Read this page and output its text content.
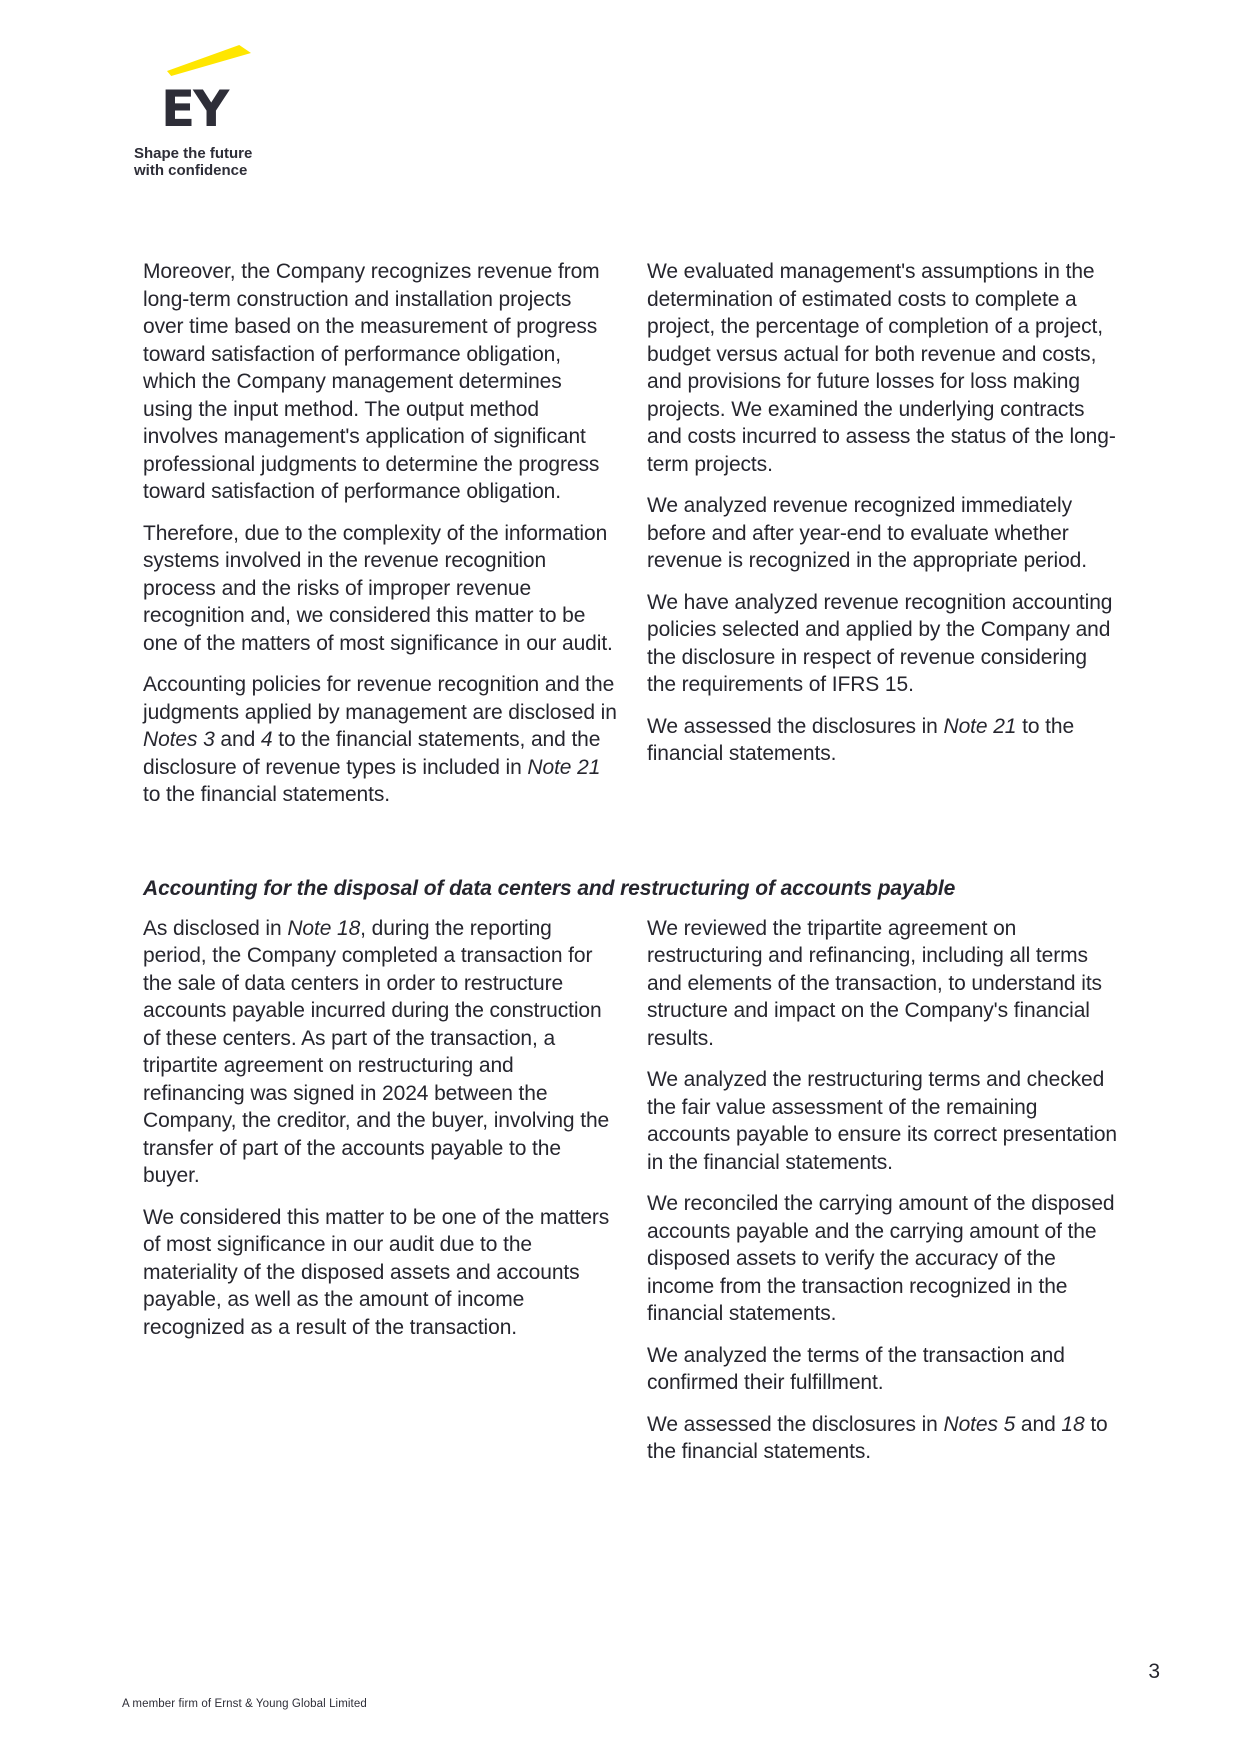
EY
Shape the future
with confidence

Moreover, the Company recognizes revenue from long-term construction and installation projects over time based on the measurement of progress toward satisfaction of performance obligation, which the Company management determines using the input method. The output method involves management's application of significant professional judgments to determine the progress toward satisfaction of performance obligation.

Therefore, due to the complexity of the information systems involved in the revenue recognition process and the risks of improper revenue recognition and, we considered this matter to be one of the matters of most significance in our audit.

Accounting policies for revenue recognition and the judgments applied by management are disclosed in Notes 3 and 4 to the financial statements, and the disclosure of revenue types is included in Note 21 to the financial statements.

We evaluated management's assumptions in the determination of estimated costs to complete a project, the percentage of completion of a project, budget versus actual for both revenue and costs, and provisions for future losses for loss making projects. We examined the underlying contracts and costs incurred to assess the status of the long-term projects.

We analyzed revenue recognized immediately before and after year-end to evaluate whether revenue is recognized in the appropriate period.

We have analyzed revenue recognition accounting policies selected and applied by the Company and the disclosure in respect of revenue considering the requirements of IFRS 15.

We assessed the disclosures in Note 21 to the financial statements.

Accounting for the disposal of data centers and restructuring of accounts payable

As disclosed in Note 18, during the reporting period, the Company completed a transaction for the sale of data centers in order to restructure accounts payable incurred during the construction of these centers. As part of the transaction, a tripartite agreement on restructuring and refinancing was signed in 2024 between the Company, the creditor, and the buyer, involving the transfer of part of the accounts payable to the buyer.

We considered this matter to be one of the matters of most significance in our audit due to the materiality of the disposed assets and accounts payable, as well as the amount of income recognized as a result of the transaction.

We reviewed the tripartite agreement on restructuring and refinancing, including all terms and elements of the transaction, to understand its structure and impact on the Company's financial results.

We analyzed the restructuring terms and checked the fair value assessment of the remaining accounts payable to ensure its correct presentation in the financial statements.

We reconciled the carrying amount of the disposed accounts payable and the carrying amount of the disposed assets to verify the accuracy of the income from the transaction recognized in the financial statements.

We analyzed the terms of the transaction and confirmed their fulfillment.

We assessed the disclosures in Notes 5 and 18 to the financial statements.

3
A member firm of Ernst & Young Global Limited
